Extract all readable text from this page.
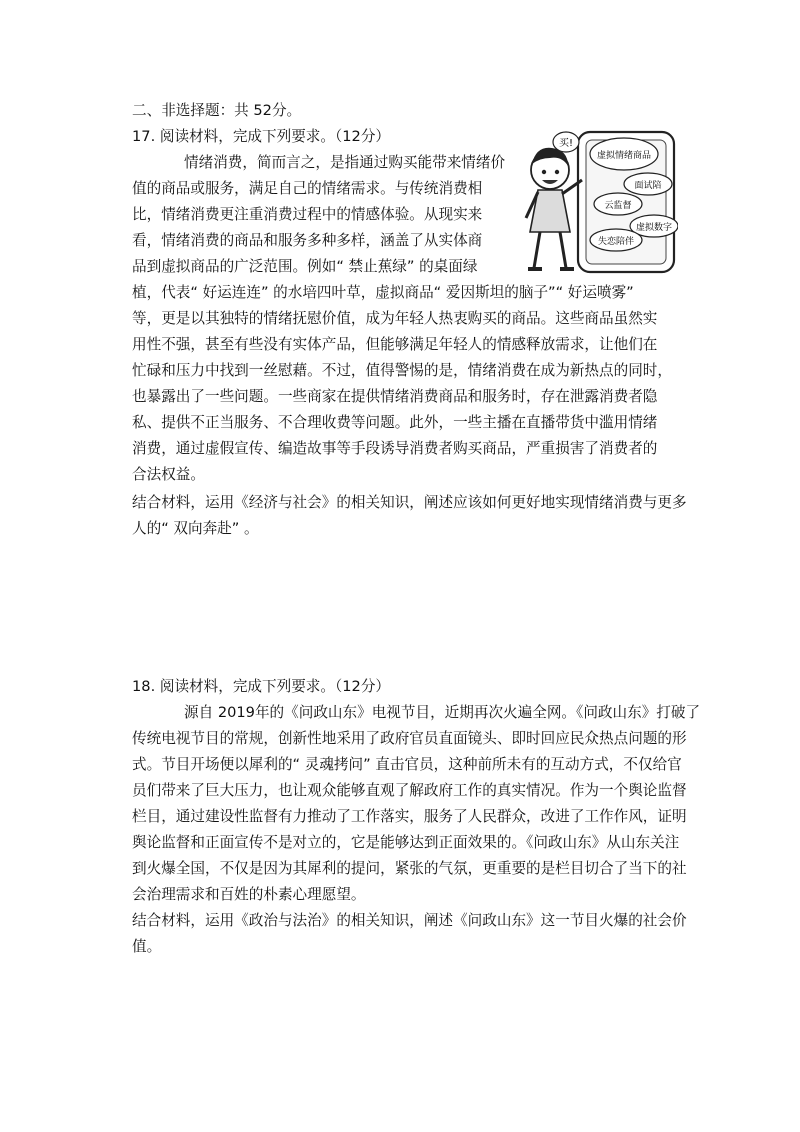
二、非选择题：共 52分。

17. 阅读材料，完成下列要求。（12分）

情绪消费，简而言之，是指通过购买能带来情绪价

值的商品或服务，满足自己的情绪需求。与传统消费相

比，情绪消费更注重消费过程中的情感体验。从现实来

看，情绪消费的商品和服务多种多样，涵盖了从实体商

品到虚拟商品的广泛范围。例如“ 禁止蕉绿” 的桌面绿

植，代表“ 好运连连” 的水培四叶草，虚拟商品“ 爱因斯坦的脑子”“ 好运喷雾”

等，更是以其独特的情绪抚慰价值，成为年轻人热衷购买的商品。这些商品虽然实

用性不强，甚至有些没有实体产品，但能够满足年轻人的情感释放需求，让他们在

忙碌和压力中找到一丝慰藉。不过，值得警惕的是，情绪消费在成为新热点的同时，

也暴露出了一些问题。一些商家在提供情绪消费商品和服务时，存在泄露消费者隐

私、提供不正当服务、不合理收费等问题。此外，一些主播在直播带货中滥用情绪

消费，通过虚假宣传、编造故事等手段诱导消费者购买商品，严重损害了消费者的

合法权益。

结合材料，运用《经济与社会》的相关知识，阐述应该如何更好地实现情绪消费与更多

人的“ 双向奔赴” 。

买!
虚拟情绪商品
面试陪
云监督
虚拟数字
失恋陪伴

18. 阅读材料，完成下列要求。（12分）

源自 2019年的《问政山东》电视节目，近期再次火遍全网。《问政山东》打破了

传统电视节目的常规，创新性地采用了政府官员直面镜头、即时回应民众热点问题的形

式。节目开场便以犀利的“ 灵魂拷问” 直击官员，这种前所未有的互动方式，不仅给官

员们带来了巨大压力，也让观众能够直观了解政府工作的真实情况。作为一个舆论监督

栏目，通过建设性监督有力推动了工作落实，服务了人民群众，改进了工作作风，证明

舆论监督和正面宣传不是对立的，它是能够达到正面效果的。《问政山东》从山东关注

到火爆全国，不仅是因为其犀利的提问，紧张的气氛，更重要的是栏目切合了当下的社

会治理需求和百姓的朴素心理愿望。

结合材料，运用《政治与法治》的相关知识，阐述《问政山东》这一节目火爆的社会价

值。
